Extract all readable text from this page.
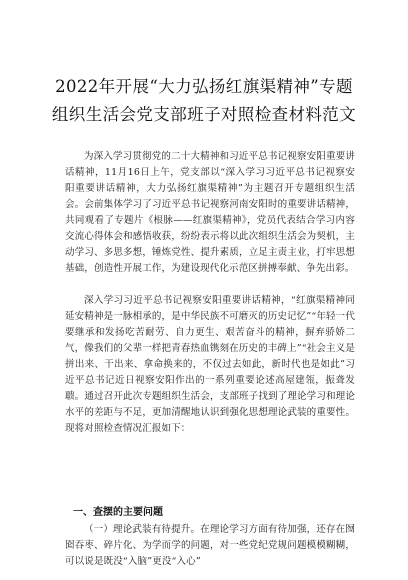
2022年开展“大力弘扬红旗渠精神”专题
组织生活会党支部班子对照检查材料范文

为深入学习贯彻党的二十大精神和习近平总书记视察安阳重要讲话精神，11月16日上午，党支部以“深入学习习近平总书记视察安阳重要讲话精神，大力弘扬红旗渠精神”为主题召开专题组织生活会。会前集体学习了习近平总书记视察河南安阳时的重要讲话精神，共同观看了专题片《根脉——红旗渠精神》，党员代表结合学习内容交流心得体会和感悟收获，纷纷表示将以此次组织生活会为契机，主动学习、多思多想，锤炼党性、提升素质，立足主责主业，打牢思想基础，创造性开展工作，为建设现代化示范区拼搏奉献、争先出彩。

深入学习习近平总书记视察安阳重要讲话精神，“红旗渠精神同延安精神是一脉相承的，是中华民族不可磨灭的历史记忆”“年轻一代要继承和发扬吃苦耐劳、自力更生、艰苦奋斗的精神，摒弃骄娇二气，像我们的父辈一样把青春热血镌刻在历史的丰碑上”“社会主义是拼出来、干出来、拿命换来的，不仅过去如此，新时代也是如此”习近平总书记近日视察安阳作出的一系列重要论述高屋建瓴，振聋发聩。通过召开此次专题组织生活会，支部班子找到了理论学习和理论水平的差距与不足，更加清醒地认识到强化思想理论武装的重要性。现将对照检查情况汇报如下：

一、查摆的主要问题

（一）理论武装有待提升。在理论学习方面有待加强，还存在囫囵吞枣、碎片化、为学而学的问题，对一些党纪党规问题模模糊糊，可以说是既没“入脑”更没“入心”
